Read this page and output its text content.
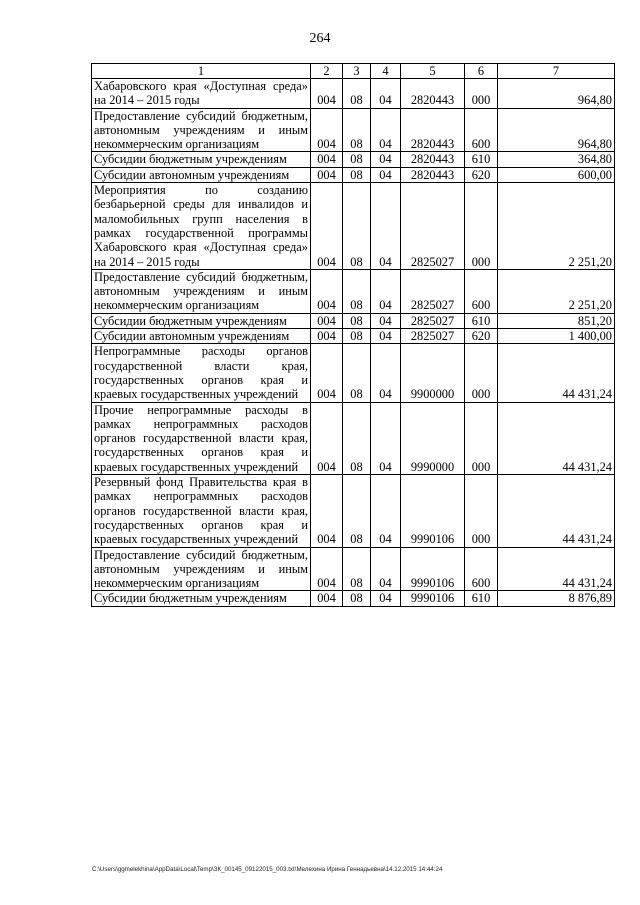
264
1	2	3	4	5	6	7
Хабаровского края «Доступная среда» на 2014 – 2015 годы	004	08	04	2820443	000	964,80
Предоставление субсидий бюджетным, автономным учреждениям и иным некоммерческим организациям	004	08	04	2820443	600	964,80
Субсидии бюджетным учреждениям	004	08	04	2820443	610	364,80
Субсидии автономным учреждениям	004	08	04	2820443	620	600,00
Мероприятия по созданию безбарьерной среды для инвалидов и маломобильных групп населения в рамках государственной программы Хабаровского края «Доступная среда» на 2014 – 2015 годы	004	08	04	2825027	000	2 251,20
Предоставление субсидий бюджетным, автономным учреждениям и иным некоммерческим организациям	004	08	04	2825027	600	2 251,20
Субсидии бюджетным учреждениям	004	08	04	2825027	610	851,20
Субсидии автономным учреждениям	004	08	04	2825027	620	1 400,00
Непрограммные расходы органов государственной власти края, государственных органов края и краевых государственных учреждений	004	08	04	9900000	000	44 431,24
Прочие непрограммные расходы в рамках непрограммных расходов органов государственной власти края, государственных органов края и краевых государственных учреждений	004	08	04	9990000	000	44 431,24
Резервный фонд Правительства края в рамках непрограммных расходов органов государственной власти края, государственных органов края и краевых государственных учреждений	004	08	04	9990106	000	44 431,24
Предоставление субсидий бюджетным, автономным учреждениям и иным некоммерческим организациям	004	08	04	9990106	600	44 431,24
Субсидии бюджетным учреждениям	004	08	04	9990106	610	8 876,89
C:\Users\ggmelekhina\AppData\Local\Temp\ЗК_00145_09122015_003.txt\Мелехина Ирина Геннадьевна\14.12.2015 14:44:24
